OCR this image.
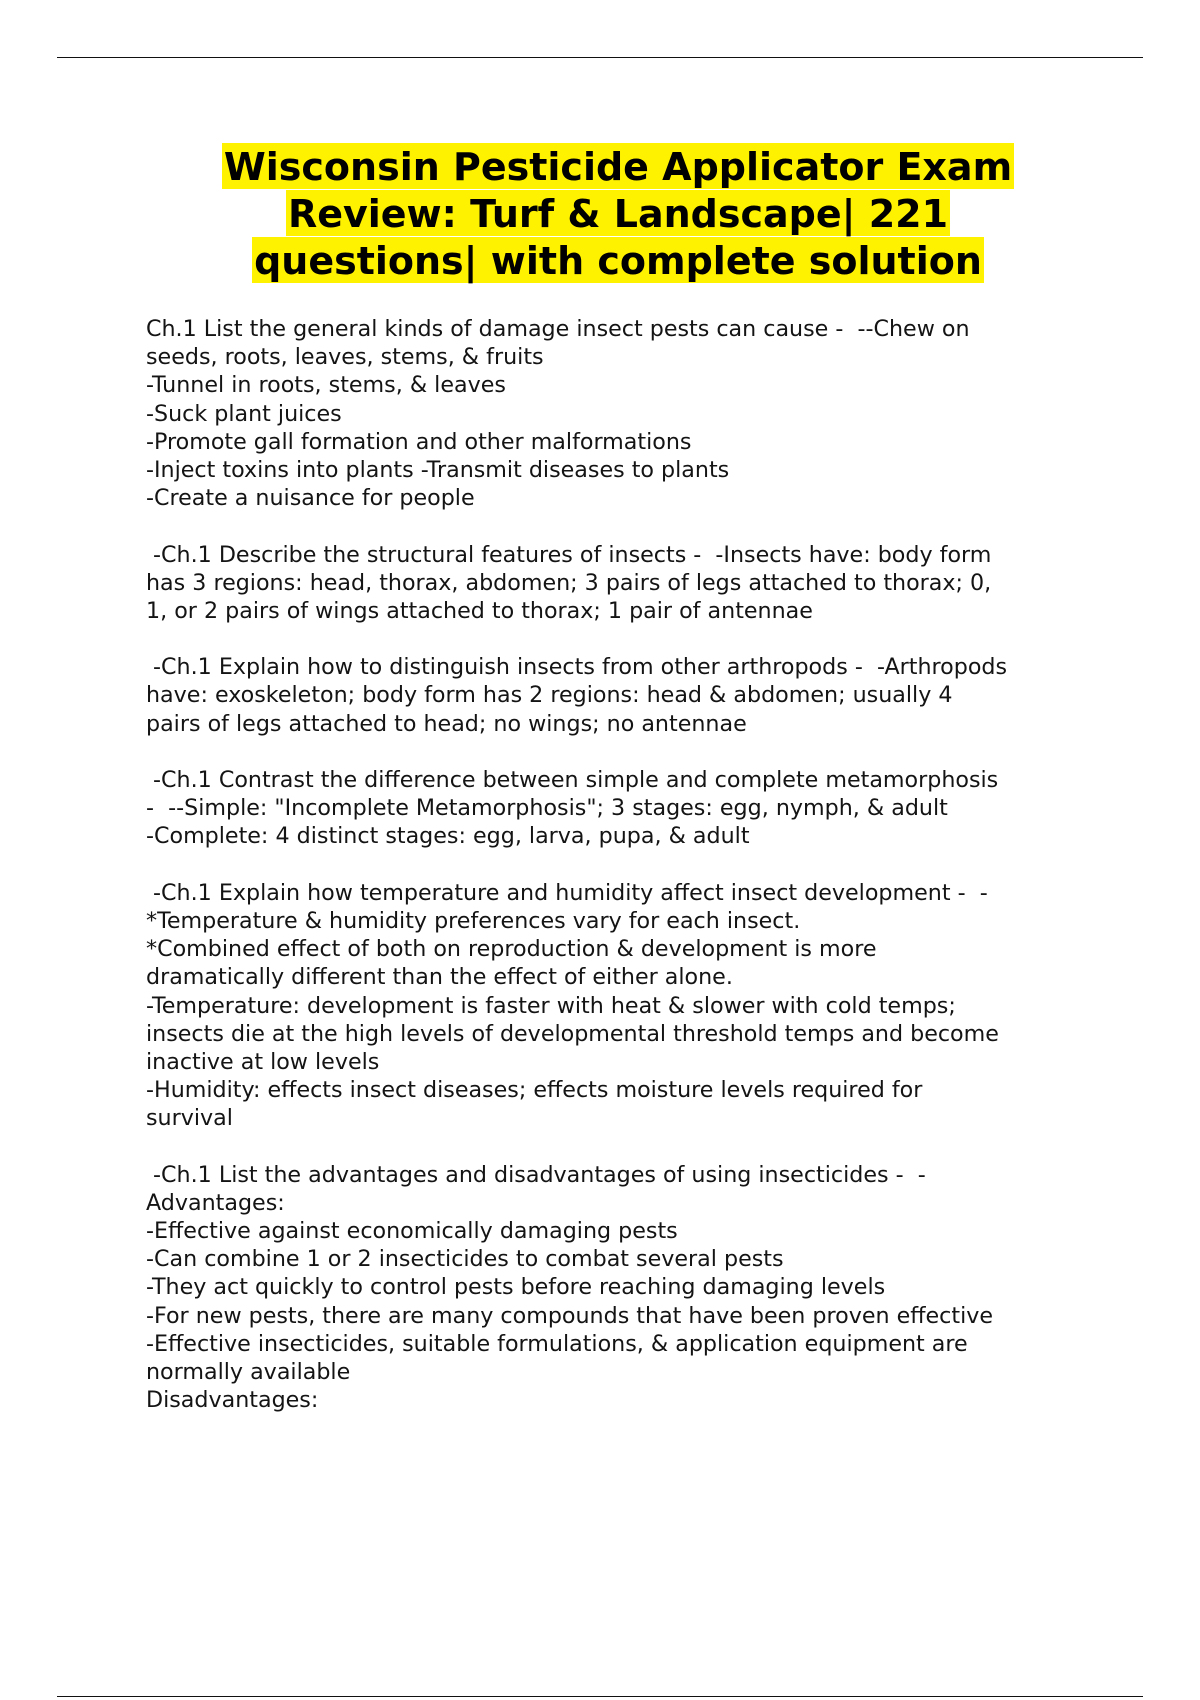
Wisconsin Pesticide Applicator Exam
Review: Turf & Landscape| 221
questions| with complete solution
Ch.1 List the general kinds of damage insect pests can cause -  --Chew on
seeds, roots, leaves, stems, & fruits
-Tunnel in roots, stems, & leaves
-Suck plant juices
-Promote gall formation and other malformations
-Inject toxins into plants -Transmit diseases to plants
-Create a nuisance for people
-Ch.1 Describe the structural features of insects -  -Insects have: body form
has 3 regions: head, thorax, abdomen; 3 pairs of legs attached to thorax; 0,
1, or 2 pairs of wings attached to thorax; 1 pair of antennae
-Ch.1 Explain how to distinguish insects from other arthropods -  -Arthropods
have: exoskeleton; body form has 2 regions: head & abdomen; usually 4
pairs of legs attached to head; no wings; no antennae
-Ch.1 Contrast the difference between simple and complete metamorphosis
-  --Simple: "Incomplete Metamorphosis"; 3 stages: egg, nymph, & adult
-Complete: 4 distinct stages: egg, larva, pupa, & adult
-Ch.1 Explain how temperature and humidity affect insect development -  -
*Temperature & humidity preferences vary for each insect.
*Combined effect of both on reproduction & development is more
dramatically different than the effect of either alone.
-Temperature: development is faster with heat & slower with cold temps;
insects die at the high levels of developmental threshold temps and become
inactive at low levels
-Humidity: effects insect diseases; effects moisture levels required for
survival
-Ch.1 List the advantages and disadvantages of using insecticides -  -
Advantages:
-Effective against economically damaging pests
-Can combine 1 or 2 insecticides to combat several pests
-They act quickly to control pests before reaching damaging levels
-For new pests, there are many compounds that have been proven effective
-Effective insecticides, suitable formulations, & application equipment are
normally available
Disadvantages:
